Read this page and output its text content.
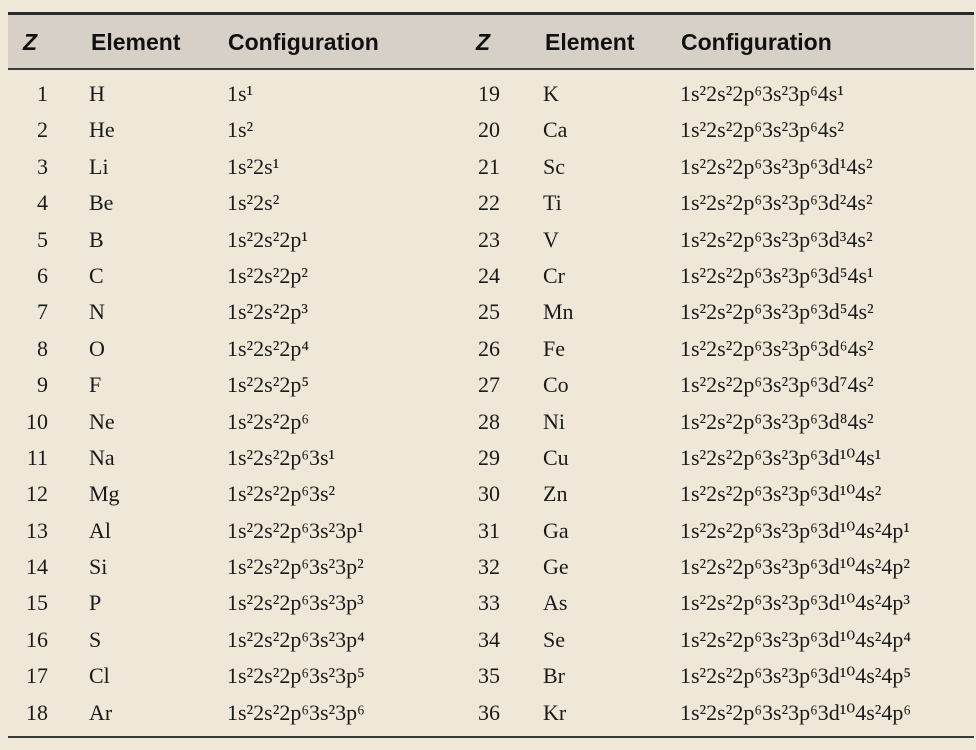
Z Element Configuration	Z Element Configuration
1 H	1s¹	19 K	1s²2s²2p⁶3s²3p⁶4s¹
2 He	1s²	20 Ca	1s²2s²2p⁶3s²3p⁶4s²
3 Li	1s²2s¹	21 Sc	1s²2s²2p⁶3s²3p⁶3d¹4s²
4 Be	1s²2s²	22 Ti	1s²2s²2p⁶3s²3p⁶3d²4s²
5 B	1s²2s²2p¹	23 V	1s²2s²2p⁶3s²3p⁶3d³4s²
6 C	1s²2s²2p²	24 Cr	1s²2s²2p⁶3s²3p⁶3d⁵4s¹
7 N	1s²2s²2p³	25 Mn	1s²2s²2p⁶3s²3p⁶3d⁵4s²
8 O	1s²2s²2p⁴	26 Fe	1s²2s²2p⁶3s²3p⁶3d⁶4s²
9 F	1s²2s²2p⁵	27 Co	1s²2s²2p⁶3s²3p⁶3d⁷4s²
10 Ne	1s²2s²2p⁶	28 Ni	1s²2s²2p⁶3s²3p⁶3d⁸4s²
11 Na	1s²2s²2p⁶3s¹	29 Cu	1s²2s²2p⁶3s²3p⁶3d¹⁰4s¹
12 Mg	1s²2s²2p⁶3s²	30 Zn	1s²2s²2p⁶3s²3p⁶3d¹⁰4s²
13 Al	1s²2s²2p⁶3s²3p¹	31 Ga	1s²2s²2p⁶3s²3p⁶3d¹⁰4s²4p¹
14 Si	1s²2s²2p⁶3s²3p²	32 Ge	1s²2s²2p⁶3s²3p⁶3d¹⁰4s²4p²
15 P	1s²2s²2p⁶3s²3p³	33 As	1s²2s²2p⁶3s²3p⁶3d¹⁰4s²4p³
16 S	1s²2s²2p⁶3s²3p⁴	34 Se	1s²2s²2p⁶3s²3p⁶3d¹⁰4s²4p⁴
17 Cl	1s²2s²2p⁶3s²3p⁵	35 Br	1s²2s²2p⁶3s²3p⁶3d¹⁰4s²4p⁵
18 Ar	1s²2s²2p⁶3s²3p⁶	36 Kr	1s²2s²2p⁶3s²3p⁶3d¹⁰4s²4p⁶
